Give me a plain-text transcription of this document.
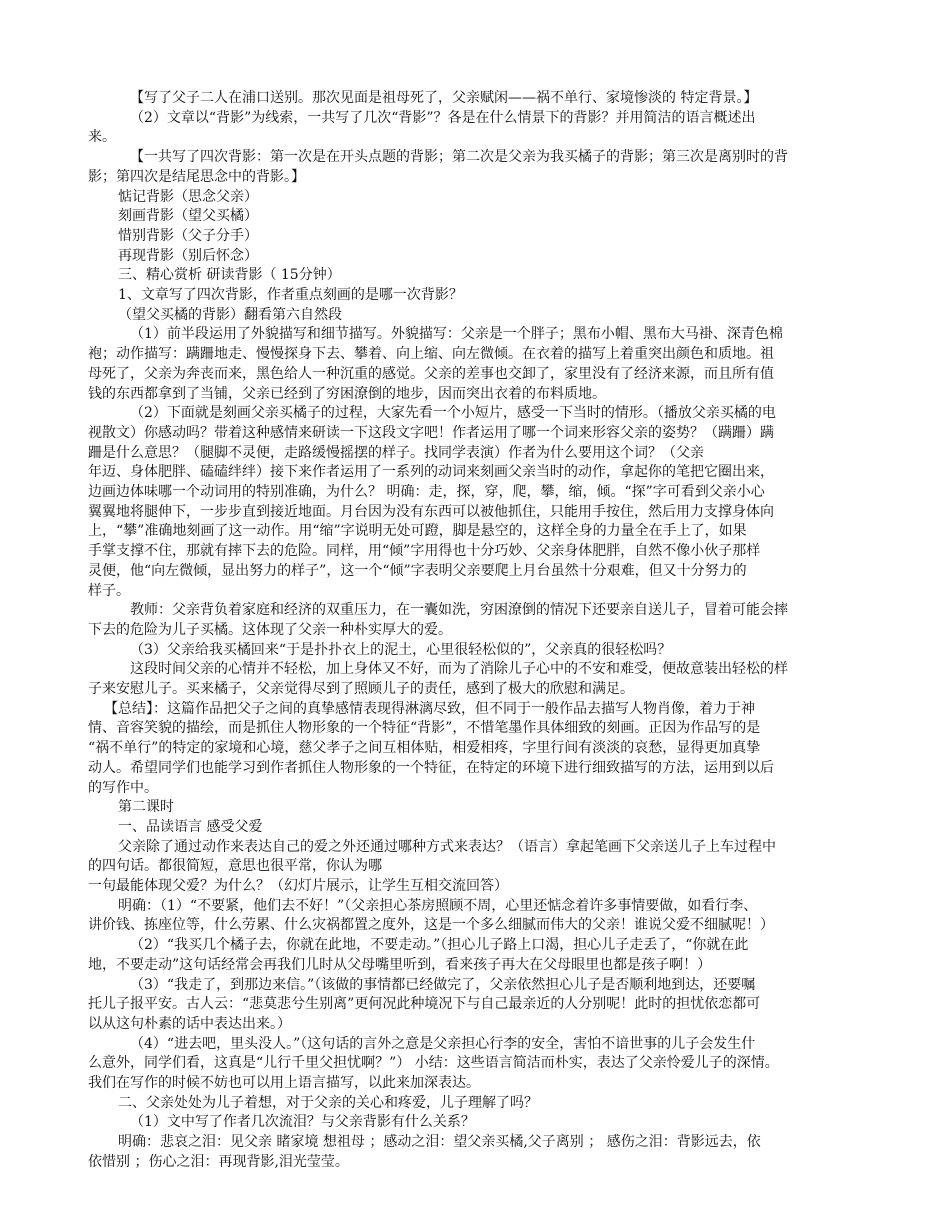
【写了父子二人在浦口送别。那次见面是祖母死了，父亲赋闲——祸不单行、家境惨淡的 特定背景。】
（2）文章以“背影”为线索，一共写了几次“背影”？各是在什么情景下的背影？并用简洁的语言概述出
来。
【一共写了四次背影：第一次是在开头点题的背影；第二次是父亲为我买橘子的背影；第三次是离别时的背
影；第四次是结尾思念中的背影。】
惦记背影（思念父亲）
刻画背影（望父买橘）
惜别背影（父子分手）
再现背影（别后怀念）
三、精心赏析 研读背影（ 15分钟）
1、文章写了四次背影，作者重点刻画的是哪一次背影？
（望父买橘的背影）翻看第六自然段
（1）前半段运用了外貌描写和细节描写。外貌描写：父亲是一个胖子；黑布小帽、黑布大马褂、深青色棉
袍；动作描写：蹒跚地走、慢慢探身下去、攀着、向上缩、向左微倾。在衣着的描写上着重突出颜色和质地。祖
母死了，父亲为奔丧而来，黑色给人一种沉重的感觉。父亲的差事也交卸了，家里没有了经济来源，而且所有值
钱的东西都拿到了当铺，父亲已经到了穷困潦倒的地步，因而突出衣着的布料质地。
（2）下面就是刻画父亲买橘子的过程，大家先看一个小短片，感受一下当时的情形。（播放父亲买橘的电
视散文）你感动吗？带着这种感情来研读一下这段文字吧！作者运用了哪一个词来形容父亲的姿势？（蹒跚）蹒
跚是什么意思？（腿脚不灵便，走路缓慢摇摆的样子。找同学表演）作者为什么要用这个词？（父亲
年迈、身体肥胖、磕磕绊绊）接下来作者运用了一系列的动词来刻画父亲当时的动作，拿起你的笔把它圈出来，
边画边体味哪一个动词用的特别准确，为什么？ 明确：走，探，穿，爬，攀，缩，倾。“探”字可看到父亲小心
翼翼地将腿伸下，一步步直到接近地面。月台因为没有东西可以被他抓住，只能用手按住，然后用力支撑身体向
上，“攀”准确地刻画了这一动作。用“缩”字说明无处可蹬，脚是悬空的，这样全身的力量全在手上了，如果
手掌支撑不住，那就有摔下去的危险。同样，用“倾”字用得也十分巧妙、父亲身体肥胖，自然不像小伙子那样
灵便，他“向左微倾，显出努力的样子”，这一个“倾”字表明父亲要爬上月台虽然十分艰难，但又十分努力的
样子。
教师：父亲背负着家庭和经济的双重压力，在一囊如洗，穷困潦倒的情况下还要亲自送儿子，冒着可能会摔
下去的危险为儿子买橘。这体现了父亲一种朴实厚大的爱。
（3）父亲给我买橘回来“于是扑扑衣上的泥土，心里很轻松似的”，父亲真的很轻松吗？
这段时间父亲的心情并不轻松，加上身体又不好，而为了消除儿子心中的不安和难受，便故意装出轻松的样
子来安慰儿子。买来橘子，父亲觉得尽到了照顾儿子的责任，感到了极大的欣慰和满足。
【总结】：这篇作品把父子之间的真挚感情表现得淋漓尽致，但不同于一般作品去描写人物肖像，着力于神
情、音容笑貌的描绘，而是抓住人物形象的一个特征“背影”，不惜笔墨作具体细致的刻画。正因为作品写的是
“祸不单行”的特定的家境和心境，慈父孝子之间互相体贴，相爱相疼，字里行间有淡淡的哀愁，显得更加真挚
动人。希望同学们也能学习到作者抓住人物形象的一个特征，在特定的环境下进行细致描写的方法，运用到以后
的写作中。
第二课时
一、品读语言 感受父爱
父亲除了通过动作来表达自己的爱之外还通过哪种方式来表达？（语言）拿起笔画下父亲送儿子上车过程中
的四句话。都很简短，意思也很平常，你认为哪
一句最能体现父爱？为什么？（幻灯片展示，让学生互相交流回答）
明确：（1）“不要紧，他们去不好！”（父亲担心茶房照顾不周，心里还惦念着许多事情要做，如看行李、
讲价钱、拣座位等，什么劳累、什么灾祸都置之度外，这是一个多么细腻而伟大的父亲！谁说父爱不细腻呢！）
（2）“我买几个橘子去，你就在此地，不要走动。”（担心儿子路上口渴，担心儿子走丢了，“你就在此
地，不要走动”这句话经常会再我们儿时从父母嘴里听到，看来孩子再大在父母眼里也都是孩子啊！）
（3）“我走了，到那边来信。”（该做的事情都已经做完了，父亲依然担心儿子是否顺利地到达，还要嘱
托儿子报平安。古人云：“悲莫悲兮生别离”更何况此种境况下与自己最亲近的人分别呢！此时的担忧依恋都可
以从这句朴素的话中表达出来。）
（4）“进去吧，里头没人。”（这句话的言外之意是父亲担心行李的安全，害怕不谙世事的儿子会发生什
么意外，同学们看，这真是“儿行千里父担忧啊？”） 小结：这些语言简洁而朴实，表达了父亲怜爱儿子的深情。
我们在写作的时候不妨也可以用上语言描写，以此来加深表达。
二、父亲处处为儿子着想，对于父亲的关心和疼爱，儿子理解了吗？
（1）文中写了作者几次流泪？与父亲背影有什么关系？
明确：悲哀之泪：见父亲 睹家境 想祖母 ；感动之泪：望父亲买橘,父子离别 ； 感伤之泪：背影远去，依
依惜别 ；伤心之泪：再现背影,泪光莹莹。
